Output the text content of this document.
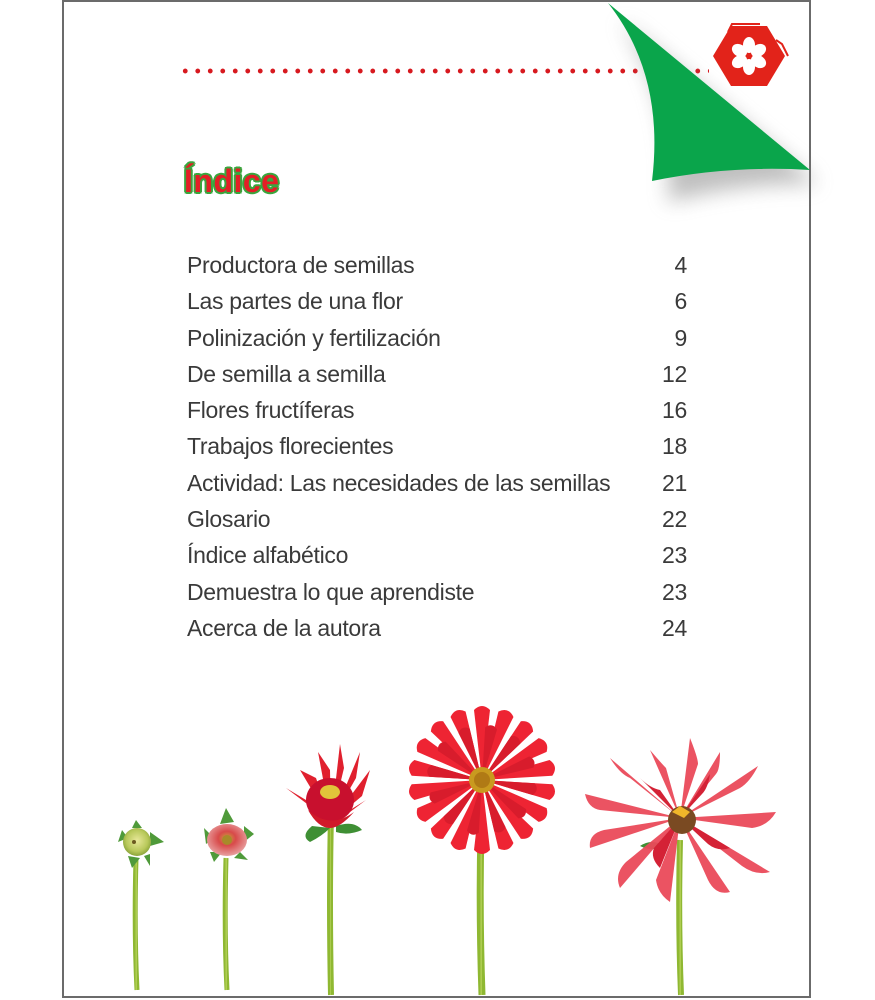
Índice
Productora de semillas	4
Las partes de una flor	6
Polinización y fertilización	9
De semilla a semilla	12
Flores fructíferas	16
Trabajos florecientes	18
Actividad: Las necesidades de las semillas	21
Glosario	22
Índice alfabético	23
Demuestra lo que aprendiste	23
Acerca de la autora	24
